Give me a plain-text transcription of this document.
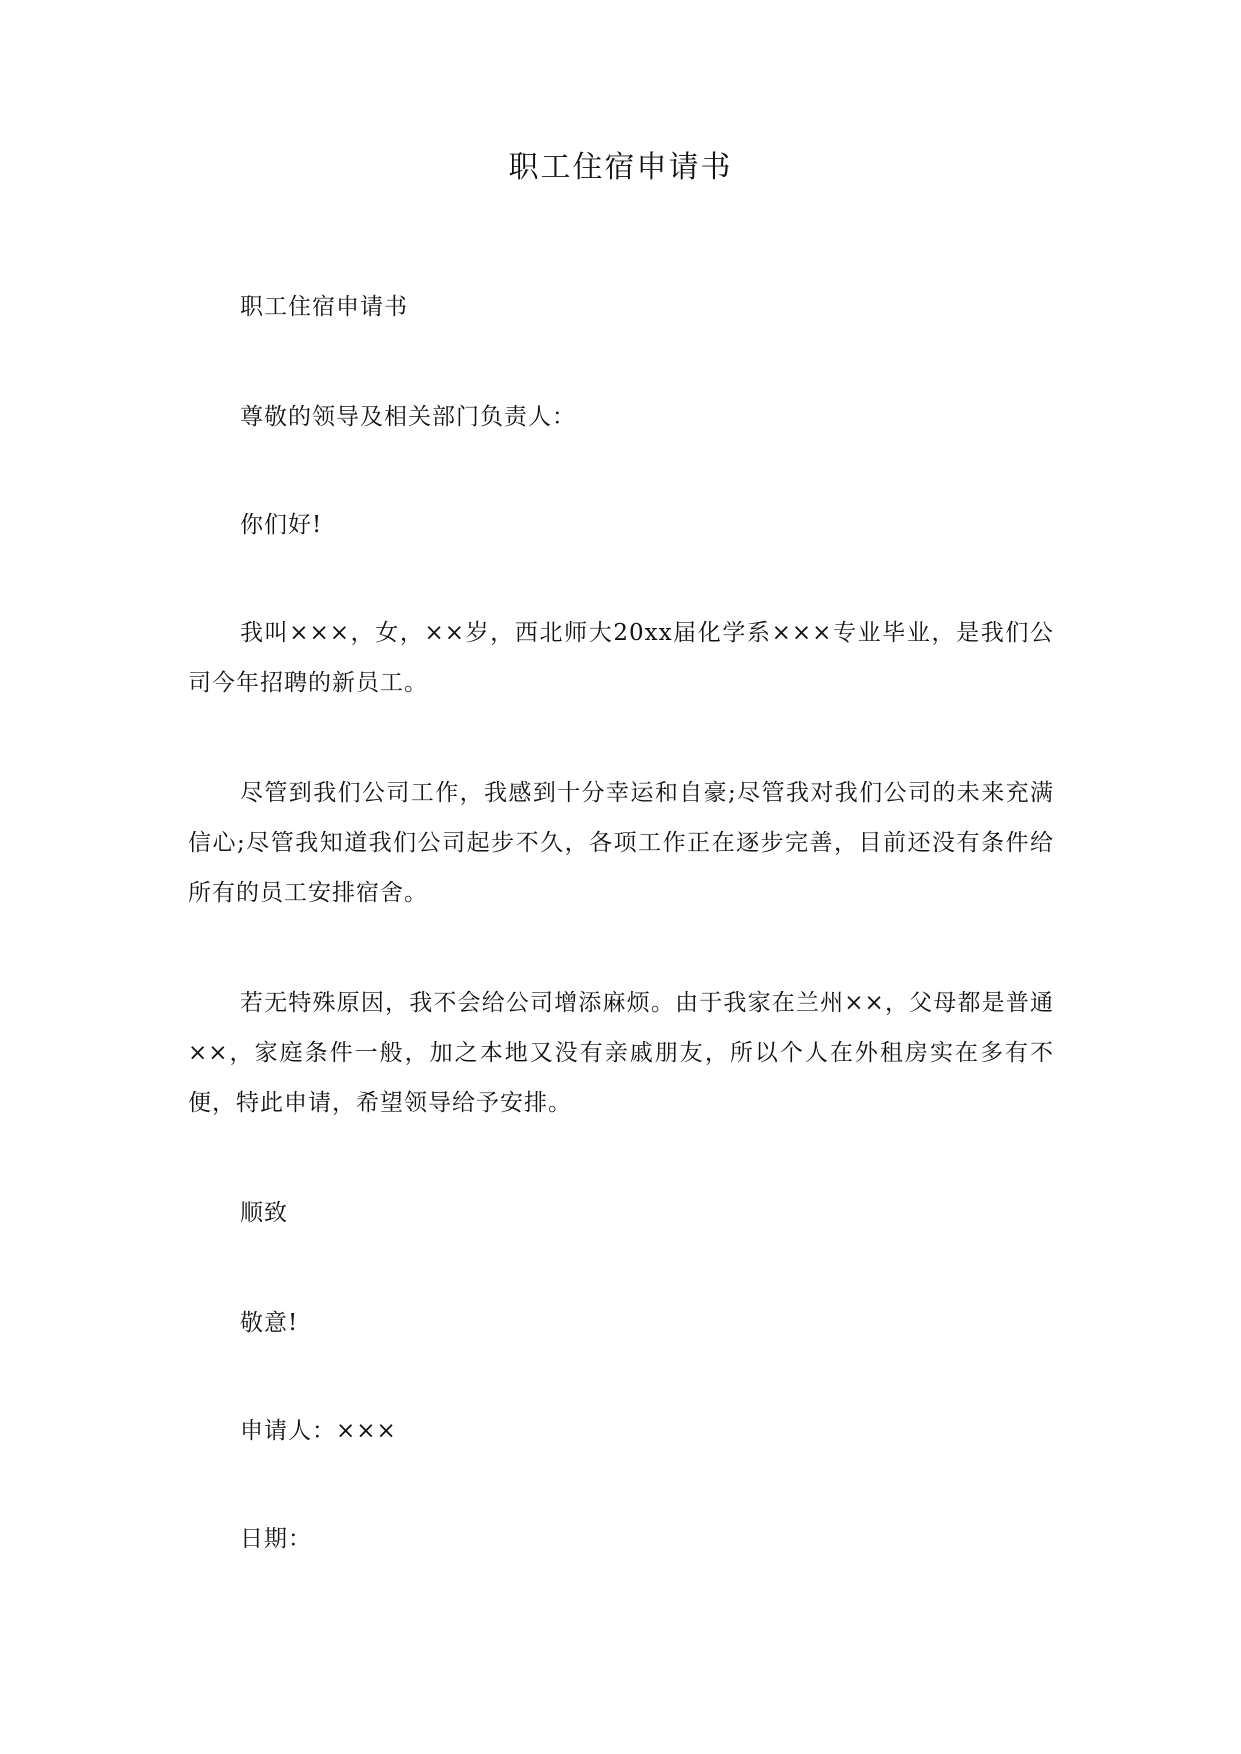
职工住宿申请书
职工住宿申请书
尊敬的领导及相关部门负责人：
你们好!
我叫×××，女，××岁，西北师大20xx届化学系×××专业毕业，是我们公司今年招聘的新员工。
尽管到我们公司工作，我感到十分幸运和自豪;尽管我对我们公司的未来充满信心;尽管我知道我们公司起步不久，各项工作正在逐步完善，目前还没有条件给所有的员工安排宿舍。
若无特殊原因，我不会给公司增添麻烦。由于我家在兰州××，父母都是普通××，家庭条件一般，加之本地又没有亲戚朋友，所以个人在外租房实在多有不便，特此申请，希望领导给予安排。
顺致
敬意!
申请人：×××
日期：
